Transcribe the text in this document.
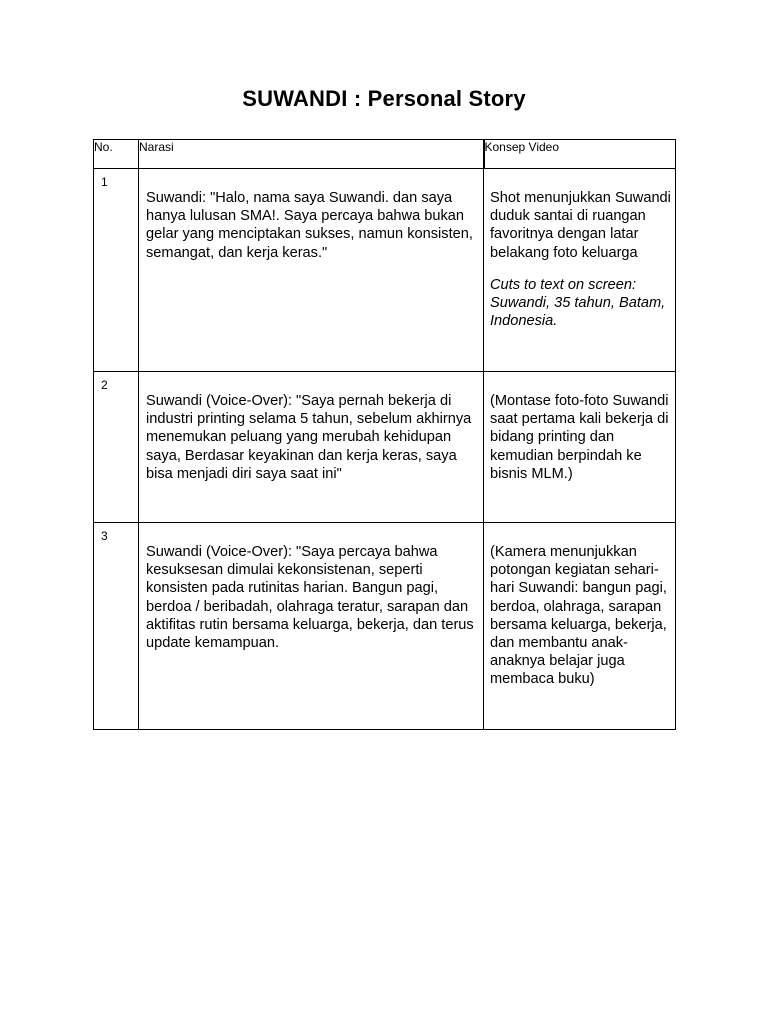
SUWANDI : Personal Story
No.	Narasi	Konsep Video
1	Suwandi: "Halo, nama saya Suwandi. dan saya hanya lulusan SMA!. Saya percaya bahwa bukan gelar yang menciptakan sukses, namun konsisten, semangat, dan kerja keras."	Shot menunjukkan Suwandi duduk santai di ruangan favoritnya dengan latar belakang foto keluarga

Cuts to text on screen: Suwandi, 35 tahun, Batam, Indonesia.

2	Suwandi (Voice-Over): "Saya pernah bekerja di industri printing selama 5 tahun, sebelum akhirnya menemukan peluang yang merubah kehidupan saya, Berdasar keyakinan dan kerja keras, saya bisa menjadi diri saya saat ini"	(Montase foto-foto Suwandi saat pertama kali bekerja di bidang printing dan kemudian berpindah ke bisnis MLM.)

3	Suwandi (Voice-Over): "Saya percaya bahwa kesuksesan dimulai kekonsistenan, seperti konsisten pada rutinitas harian. Bangun pagi, berdoa / beribadah, olahraga teratur, sarapan dan aktifitas rutin bersama keluarga, bekerja, dan terus update kemampuan.	(Kamera menunjukkan potongan kegiatan sehari-hari Suwandi: bangun pagi, berdoa, olahraga, sarapan bersama keluarga, bekerja, dan membantu anak-anaknya belajar juga membaca buku)
